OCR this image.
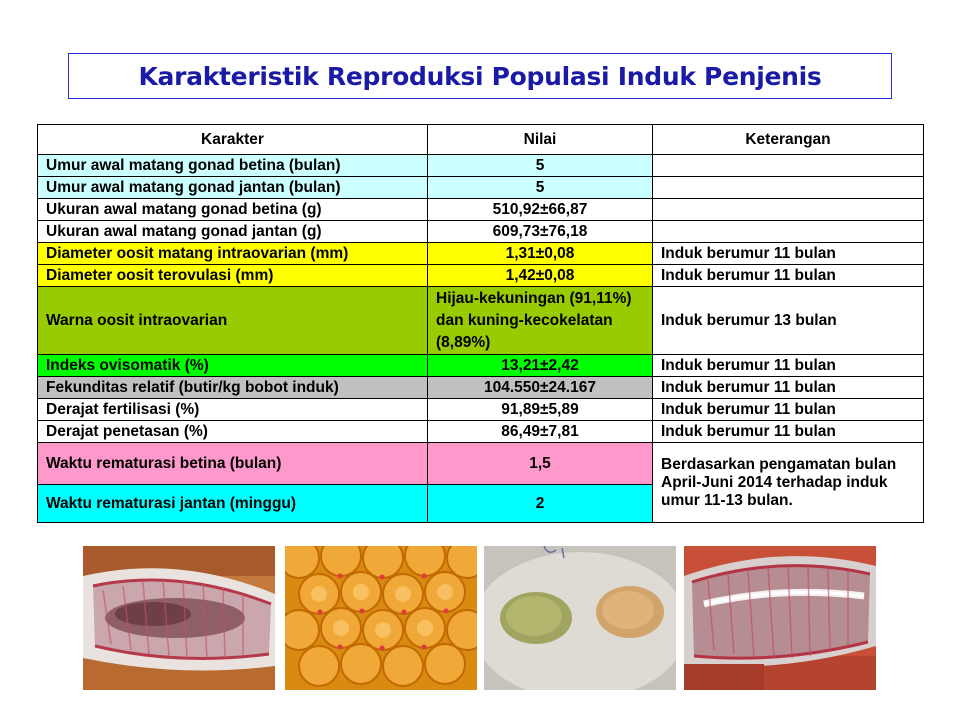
Karakteristik Reproduksi Populasi Induk Penjenis
Karakter	Nilai	Keterangan
Umur awal matang gonad betina (bulan)	5	
Umur awal matang gonad jantan (bulan)	5	
Ukuran awal matang gonad betina (g)	510,92±66,87	
Ukuran awal matang gonad jantan (g)	609,73±76,18	
Diameter oosit matang intraovarian (mm)	1,31±0,08	Induk berumur 11 bulan
Diameter oosit terovulasi (mm)	1,42±0,08	Induk berumur 11 bulan
Warna oosit intraovarian	Hijau-kekuningan (91,11%) dan kuning-kecokelatan (8,89%)	Induk berumur 13 bulan
Indeks ovisomatik (%)	13,21±2,42	Induk berumur 11 bulan
Fekunditas relatif (butir/kg bobot induk)	104.550±24.167	Induk berumur 11 bulan
Derajat fertilisasi (%)	91,89±5,89	Induk berumur 11 bulan
Derajat penetasan (%)	86,49±7,81	Induk berumur 11 bulan
Waktu rematurasi betina (bulan)	1,5	Berdasarkan pengamatan bulan April-Juni 2014 terhadap induk umur 11-13 bulan.
Waktu rematurasi jantan (minggu)	2	
